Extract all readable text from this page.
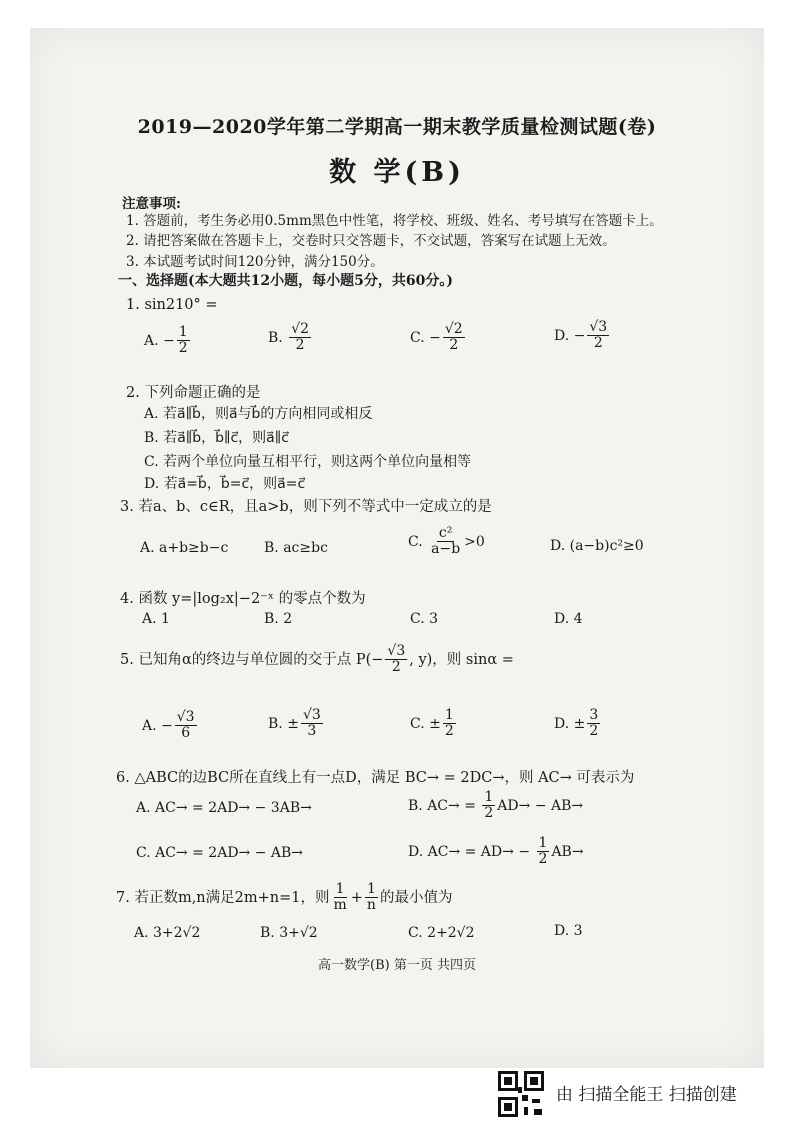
2019—2020学年第二学期高一期末教学质量检测试题(卷)
数 学(B)
注意事项:
1. 答题前，考生务必用0.5mm黑色中性笔，将学校、班级、姓名、考号填写在答题卡上。
2. 请把答案做在答题卡上，交卷时只交答题卡，不交试题，答案写在试题上无效。
3. 本试题考试时间120分钟，满分150分。
一、选择题(本大题共12小题，每小题5分，共60分。)
1. sin210° =
A. − $\frac{1}{2}$	B. $\frac{√2}{2}$	C. − $\frac{√2}{2}$	D. − $\frac{√3}{2}$
2. 下列命题正确的是
A. 若a⃗∥b⃗，则a⃗与b⃗的方向相同或相反
B. 若a⃗∥b⃗，b⃗∥c⃗，则a⃗∥c⃗
C. 若两个单位向量互相平行，则这两个单位向量相等
D. 若a⃗=b⃗，b⃗=c⃗，则a⃗=c⃗
3. 若a、b、c∈R，且a>b，则下列不等式中一定成立的是
A. a+b≥b−c	B. ac≥bc	C. $\frac{\text{c²}}{a-b} >0$	D. (a−b)c²≥0
4. 函数 y=|log₂x|−2⁻ˣ 的零点个数为
A. 1	B. 2	C. 3	D. 4
5. 已知角α的终边与单位圆的交于点 $P(- \frac{√3}{2}$ , y)，则 sinα =
A. − $\frac{√3}{6}$	B. ± $\frac{√3}{3}$	C. ± $\frac{1}{2}$	D. ± $\frac{3}{2}$
6. △ABC的边BC所在直线上有一点D，满足 BC→ = 2DC→，则 AC→ 可表示为
A. AC→ = 2AD→ − 3AB→	B. $AC\to = \frac{1}{2} AD\to - AB\to$
C. AC→ = 2AD→ − AB→	D. $AC\to = AD\to - \frac{1}{2} AB\to$
7. 若正数m,n满足2m+n=1，则 $\frac{1}{m} + \frac{1}{n}$ 的最小值为
A. 3+2√2	B. 3+√2	C. 2+2√2	D. 3
高一数学(B) 第一页 共四页
由 扫描全能王 扫描创建
